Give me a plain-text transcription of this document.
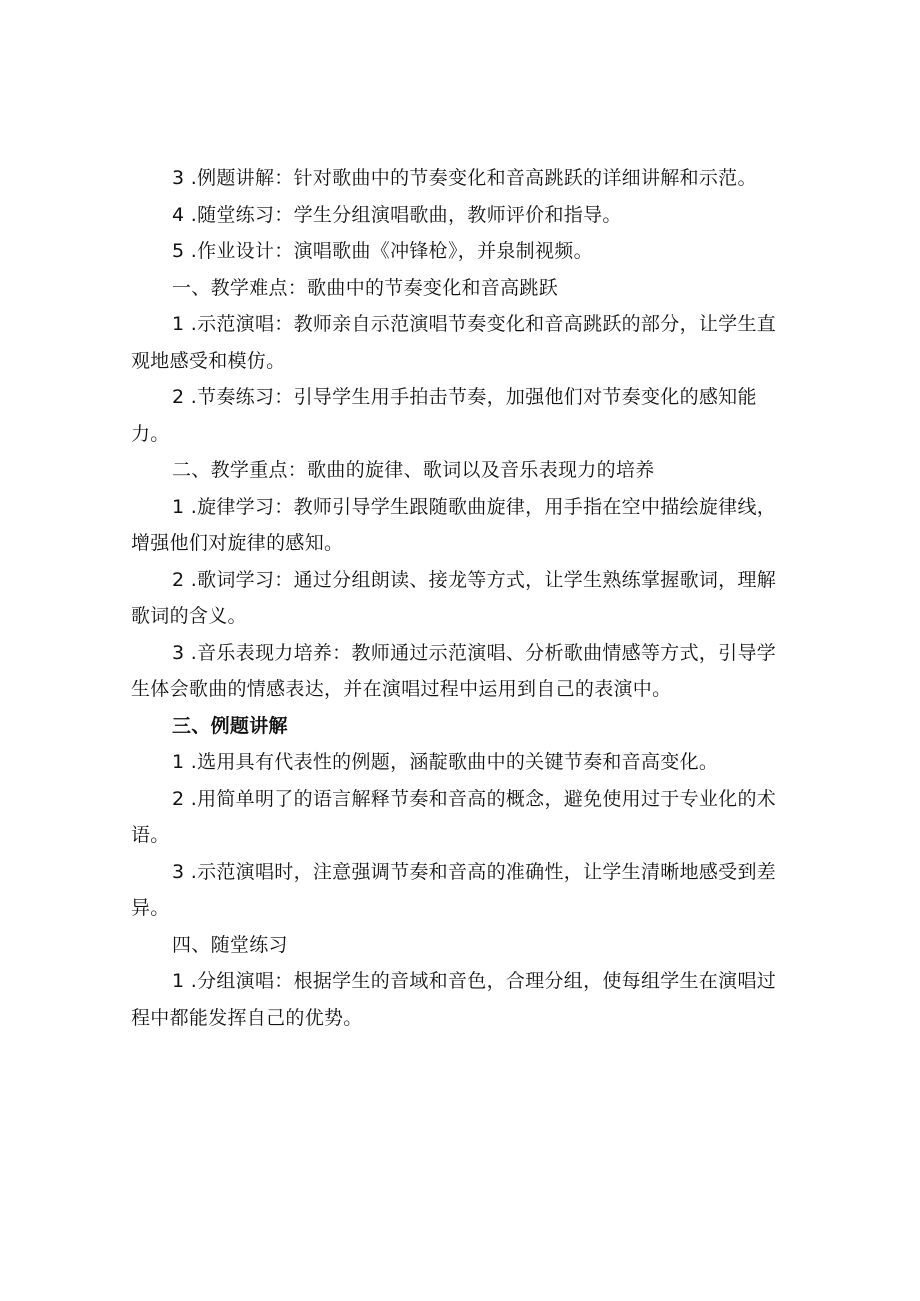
3 .例题讲解：针对歌曲中的节奏变化和音高跳跃的详细讲解和示范。

4 .随堂练习：学生分组演唱歌曲，教师评价和指导。

5 .作业设计：演唱歌曲《冲锋枪》，并泉制视频。

一、教学难点：歌曲中的节奏变化和音高跳跃

1 .示范演唱：教师亲自示范演唱节奏变化和音高跳跃的部分，让学生直观地感受和模仿。

2 .节奏练习：引导学生用手拍击节奏，加强他们对节奏变化的感知能力。

二、教学重点：歌曲的旋律、歌词以及音乐表现力的培养

1 .旋律学习：教师引导学生跟随歌曲旋律，用手指在空中描绘旋律线，增强他们对旋律的感知。

2 .歌词学习：通过分组朗读、接龙等方式，让学生熟练掌握歌词，理解歌词的含义。

3 .音乐表现力培养：教师通过示范演唱、分析歌曲情感等方式，引导学生体会歌曲的情感表达，并在演唱过程中运用到自己的表演中。

三、例题讲解

1 .选用具有代表性的例题，涵靛歌曲中的关键节奏和音高变化。

2 .用简单明了的语言解释节奏和音高的概念，避免使用过于专业化的术语。

3 .示范演唱时，注意强调节奏和音高的准确性，让学生清晰地感受到差异。

四、随堂练习

1 .分组演唱：根据学生的音域和音色，合理分组，使每组学生在演唱过程中都能发挥自己的优势。
